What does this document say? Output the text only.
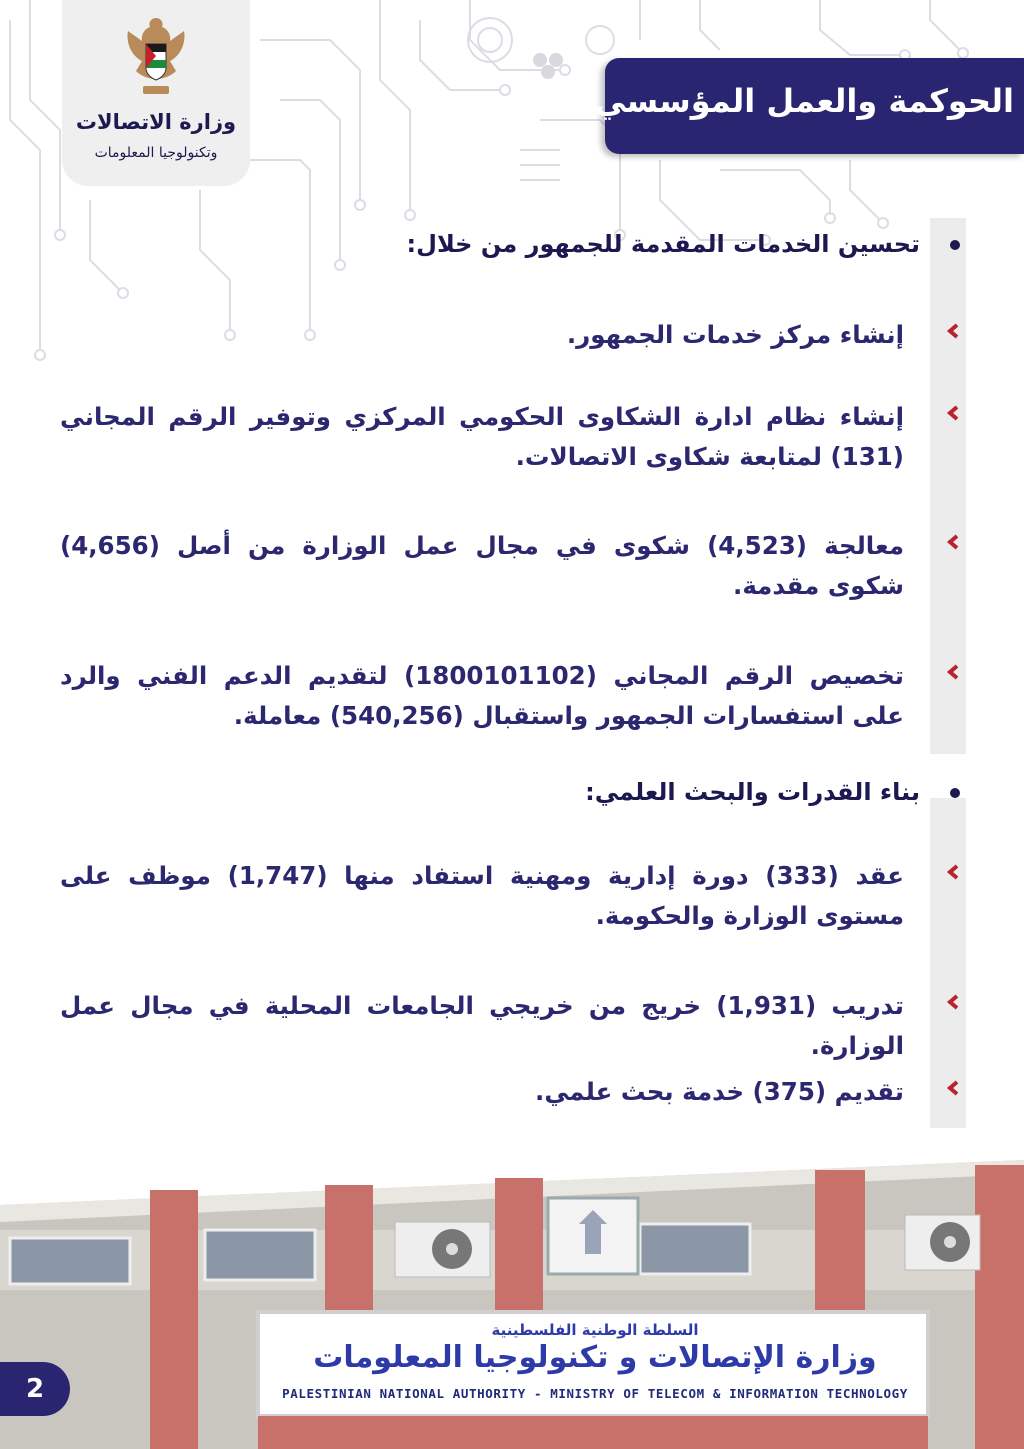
وزارة الاتصالات
وتكنولوجيا المعلومات
الحوكمة والعمل المؤسسي
تحسين الخدمات المقدمة للجمهور من خلال:
إنشاء مركز خدمات الجمهور.
إنشاء نظام ادارة الشكاوى الحكومي المركزي وتوفير الرقم المجاني (131) لمتابعة شكاوى الاتصالات.
معالجة (4,523) شكوى في مجال عمل الوزارة من أصل (4,656) شكوى مقدمة.
تخصيص الرقم المجاني (1800101102) لتقديم الدعم الفني والرد على استفسارات الجمهور واستقبال (540,256) معاملة.
بناء القدرات والبحث العلمي:
عقد (333) دورة إدارية ومهنية استفاد منها (1,747) موظف على مستوى الوزارة والحكومة.
تدريب (1,931) خريج من خريجي الجامعات المحلية في مجال عمل الوزارة.
تقديم (375) خدمة بحث علمي.
السلطة الوطنية الفلسطينية
وزارة الإتصالات و تكنولوجيا المعلومات
PALESTINIAN NATIONAL AUTHORITY - MINISTRY OF TELECOM & INFORMATION TECHNOLOGY
2
